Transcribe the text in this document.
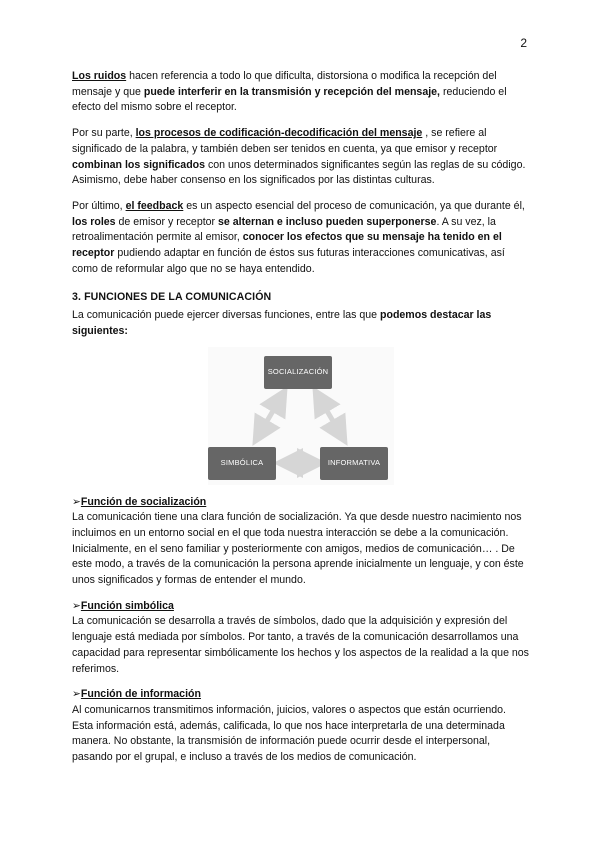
2

Los ruidos hacen referencia a todo lo que dificulta, distorsiona o modifica la recepción del mensaje y que puede interferir en la transmisión y recepción del mensaje, reduciendo el efecto del mismo sobre el receptor.

Por su parte, los procesos de codificación-decodificación del mensaje , se refiere al significado de la palabra, y también deben ser tenidos en cuenta, ya que emisor y receptor combinan los significados con unos determinados significantes según las reglas de su código. Asimismo, debe haber consenso en los significados por las distintas culturas.

Por último, el feedback es un aspecto esencial del proceso de comunicación, ya que durante él, los roles de emisor y receptor se alternan e incluso pueden superponerse. A su vez, la retroalimentación permite al emisor, conocer los efectos que su mensaje ha tenido en el receptor pudiendo adaptar en función de éstos sus futuras interacciones comunicativas, así como de reformular algo que no se haya entendido.

3. FUNCIONES DE LA COMUNICACIÓN
La comunicación puede ejercer diversas funciones, entre las que podemos destacar las siguientes:
SOCIALIZACIÓN
SIMBÓLICA	INFORMATIVA
➢Función de socialización
La comunicación tiene una clara función de socialización. Ya que desde nuestro nacimiento nos incluimos en un entorno social en el que toda nuestra interacción se debe a la comunicación. Inicialmente, en el seno familiar y posteriormente con amigos, medios de comunicación… . De este modo, a través de la comunicación la persona aprende inicialmente un lenguaje, y con éste unos significados y formas de entender el mundo.
➢Función simbólica
La comunicación se desarrolla a través de símbolos, dado que la adquisición y expresión del lenguaje está mediada por símbolos. Por tanto, a través de la comunicación desarrollamos una capacidad para representar simbólicamente los hechos y los aspectos de la realidad a la que nos referimos.
➢Función de información
Al comunicarnos transmitimos información, juicios, valores o aspectos que están ocurriendo. Esta información está, además, calificada, lo que nos hace interpretarla de una determinada manera. No obstante, la transmisión de información puede ocurrir desde el interpersonal, pasando por el grupal, e incluso a través de los medios de comunicación.
